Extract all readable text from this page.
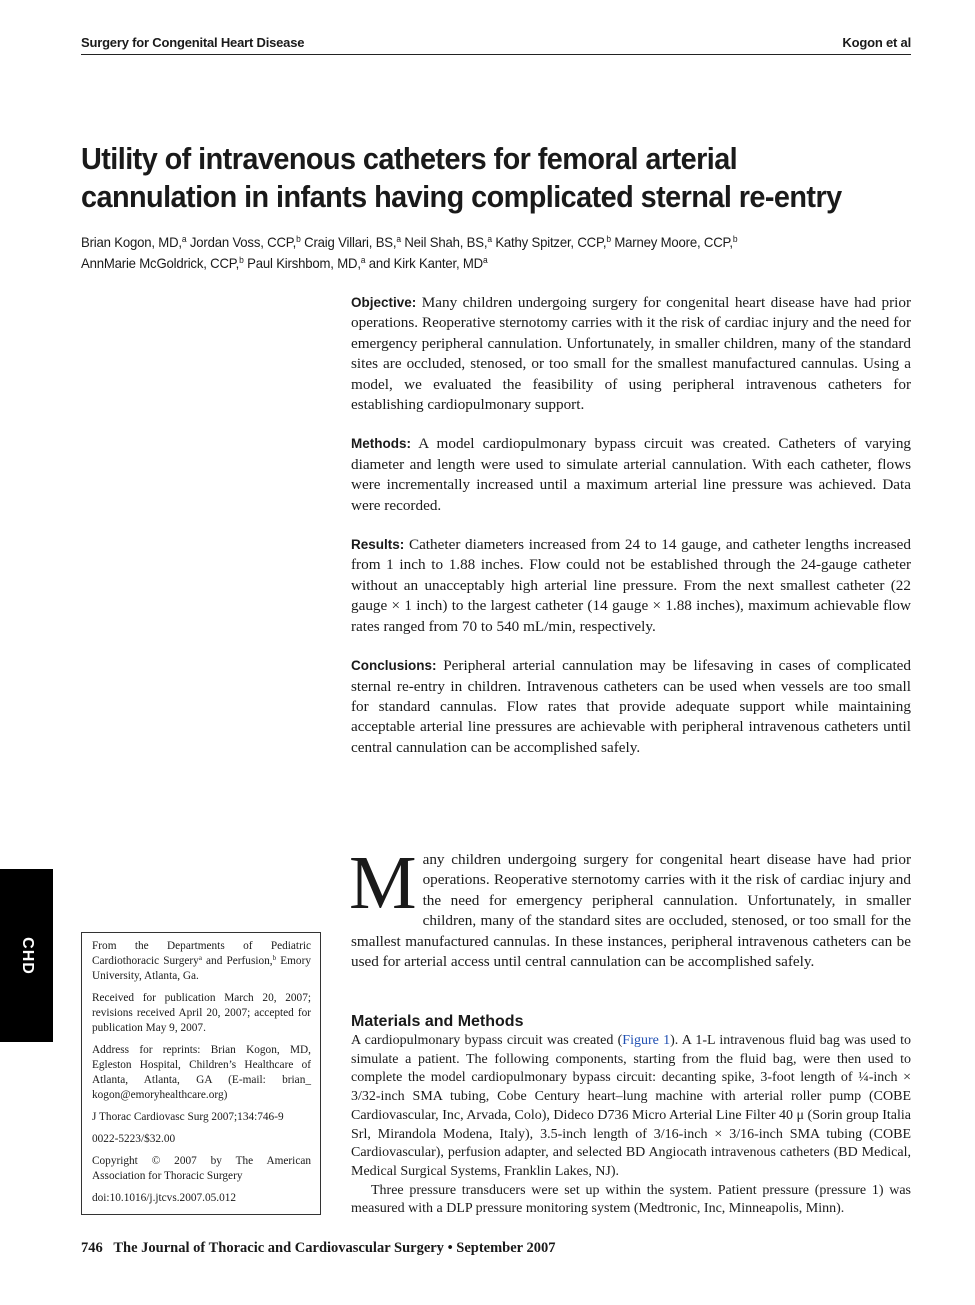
Surgery for Congenital Heart Disease	Kogon et al
Utility of intravenous catheters for femoral arterial
cannulation in infants having complicated sternal re-entry
Brian Kogon, MD,$^a$ Jordan Voss, CCP,$^b$ Craig Villari, BS,$^a$ Neil Shah, BS,$^a$ Kathy Spitzer, CCP,$^b$ Marney Moore, CCP,$^b$
AnnMarie McGoldrick, CCP,$^b$ Paul Kirshbom, MD,$^a$ and Kirk Kanter, $MD^a$

Objective: Many children undergoing surgery for congenital heart disease have had prior operations. Reoperative sternotomy carries with it the risk of cardiac injury and the need for emergency peripheral cannulation. Unfortunately, in smaller children, many of the standard sites are occluded, stenosed, or too small for the smallest manufactured cannulas. Using a model, we evaluated the feasibility of using peripheral intravenous catheters for establishing cardiopulmonary support.

Methods: A model cardiopulmonary bypass circuit was created. Catheters of varying diameter and length were used to simulate arterial cannulation. With each catheter, flows were incrementally increased until a maximum arterial line pressure was achieved. Data were recorded.

Results: Catheter diameters increased from 24 to 14 gauge, and catheter lengths increased from 1 inch to 1.88 inches. Flow could not be established through the 24-gauge catheter without an unacceptably high arterial line pressure. From the next smallest catheter (22 gauge × 1 inch) to the largest catheter (14 gauge × 1.88 inches), maximum achievable flow rates ranged from 70 to 540 mL/min, respectively.

Conclusions: Peripheral arterial cannulation may be lifesaving in cases of complicated sternal re-entry in children. Intravenous catheters can be used when vessels are too small for standard cannulas. Flow rates that provide adequate support while maintaining acceptable arterial line pressures are achievable with peripheral intravenous catheters until central cannulation can be accomplished safely.

CHD	From the Departments of Pediatric Cardiothoracic Surgery$^a$ and Perfusion,$^b$ Emory University, Atlanta, Ga.

Received for publication March 20, 2007; revisions received April 20, 2007; accepted for publication May 9, 2007.

Address for reprints: Brian Kogon, MD, Egleston Hospital, Children’s Healthcare of Atlanta, Atlanta, GA (E-mail: brian_ kogon@emoryhealthcare.org)

J Thorac Cardiovasc Surg 2007;134:746-9

0022-5223/$32.00

Copyright © 2007 by The American Association for Thoracic Surgery

doi:10.1016/j.jtcvs.2007.05.012

Many children undergoing surgery for congenital heart disease have had prior operations. Reoperative sternotomy carries with it the risk of cardiac injury and the need for emergency peripheral cannulation. Unfortunately, in smaller children, many of the standard sites are occluded, stenosed, or too small for the smallest manufactured cannulas. In these instances, peripheral intravenous catheters can be used for arterial access until central cannulation can be accomplished safely.
Materials and Methods

A cardiopulmonary bypass circuit was created (Figure 1). A 1-L intravenous fluid bag was used to simulate a patient. The following components, starting from the fluid bag, were then used to complete the model cardiopulmonary bypass circuit: decanting spike, 3-foot length of ¼-inch × 3/32-inch SMA tubing, Cobe Century heart–lung machine with arterial roller pump (COBE Cardiovascular, Inc, Arvada, Colo), Dideco D736 Micro Arterial Line Filter 40 μ (Sorin group Italia Srl, Mirandola Modena, Italy), 3.5-inch length of 3/16-inch × 3/16-inch SMA tubing (COBE Cardiovascular), perfusion adapter, and selected BD Angiocath intravenous catheters (BD Medical, Medical Surgical Systems, Franklin Lakes, NJ).

Three pressure transducers were set up within the system. Patient pressure (pressure 1) was measured with a DLP pressure monitoring system (Medtronic, Inc, Minneapolis, Minn).

746 The Journal of Thoracic and Cardiovascular Surgery • September 2007
